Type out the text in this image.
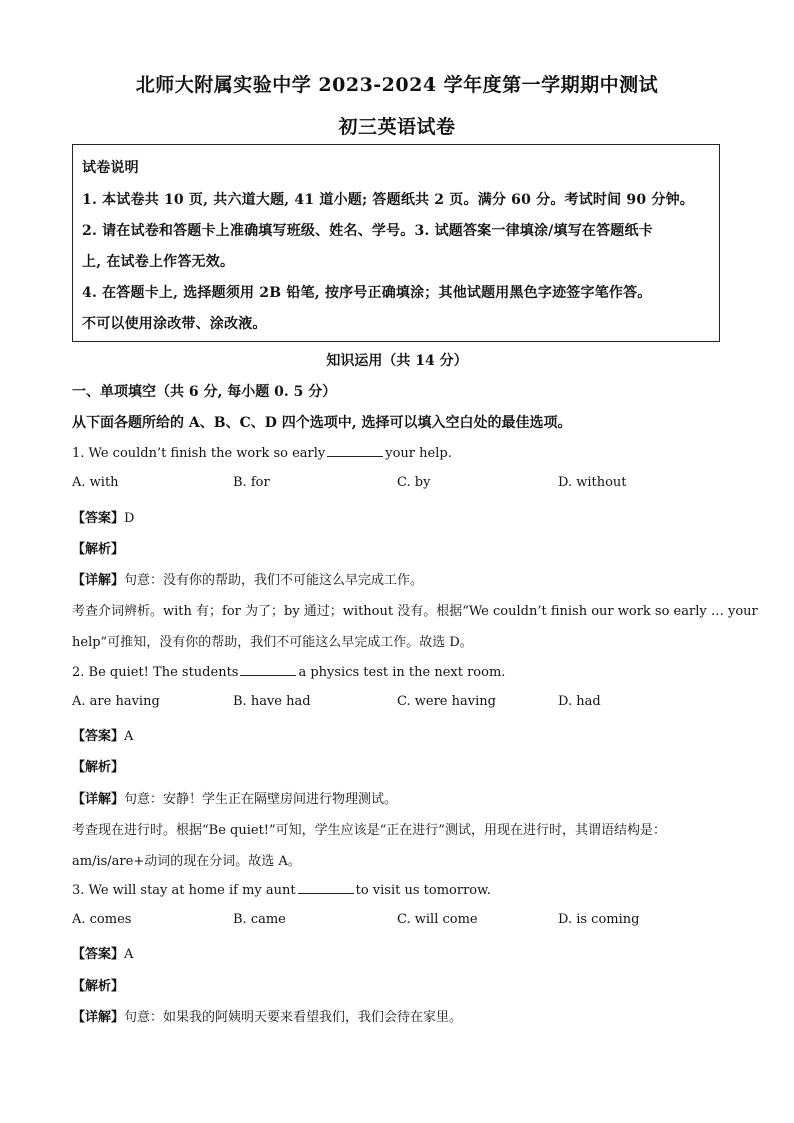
北师大附属实验中学 2023-2024 学年度第一学期期中测试
初三英语试卷
试卷说明
1. 本试卷共 10 页, 共六道大题, 41 道小题; 答题纸共 2 页。满分 60 分。考试时间 90 分钟。
2. 请在试卷和答题卡上准确填写班级、姓名、学号。3. 试题答案一律填涂/填写在答题纸卡
上, 在试卷上作答无效。
4. 在答题卡上, 选择题须用 2B 铅笔, 按序号正确填涂；其他试题用黑色字迹签字笔作答。
不可以使用涂改带、涂改液。
知识运用（共 14 分）
一、单项填空（共 6 分, 每小题 0. 5 分）
从下面各题所给的 A、B、C、D 四个选项中, 选择可以填入空白处的最佳选项。
1. We couldn’t finish the work so early	your help.
A. with	B. for	C. by	D. without
【答案】D
【解析】
【详解】句意：没有你的帮助，我们不可能这么早完成工作。
考查介词辨析。with 有；for 为了；by 通过；without 没有。根据“We couldn’t finish our work so early … your
help”可推知，没有你的帮助，我们不可能这么早完成工作。故选 D。
2. Be quiet! The students	a physics test in the next room.
A. are having	B. have had	C. were having	D. had
【答案】A
【解析】
【详解】句意：安静！学生正在隔壁房间进行物理测试。
考查现在进行时。根据“Be quiet!”可知，学生应该是“正在进行”测试，用现在进行时，其谓语结构是：
am/is/are+动词的现在分词。故选 A。
3. We will stay at home if my aunt	to visit us tomorrow.
A. comes	B. came	C. will come	D. is coming
【答案】A
【解析】
【详解】句意：如果我的阿姨明天要来看望我们，我们会待在家里。
